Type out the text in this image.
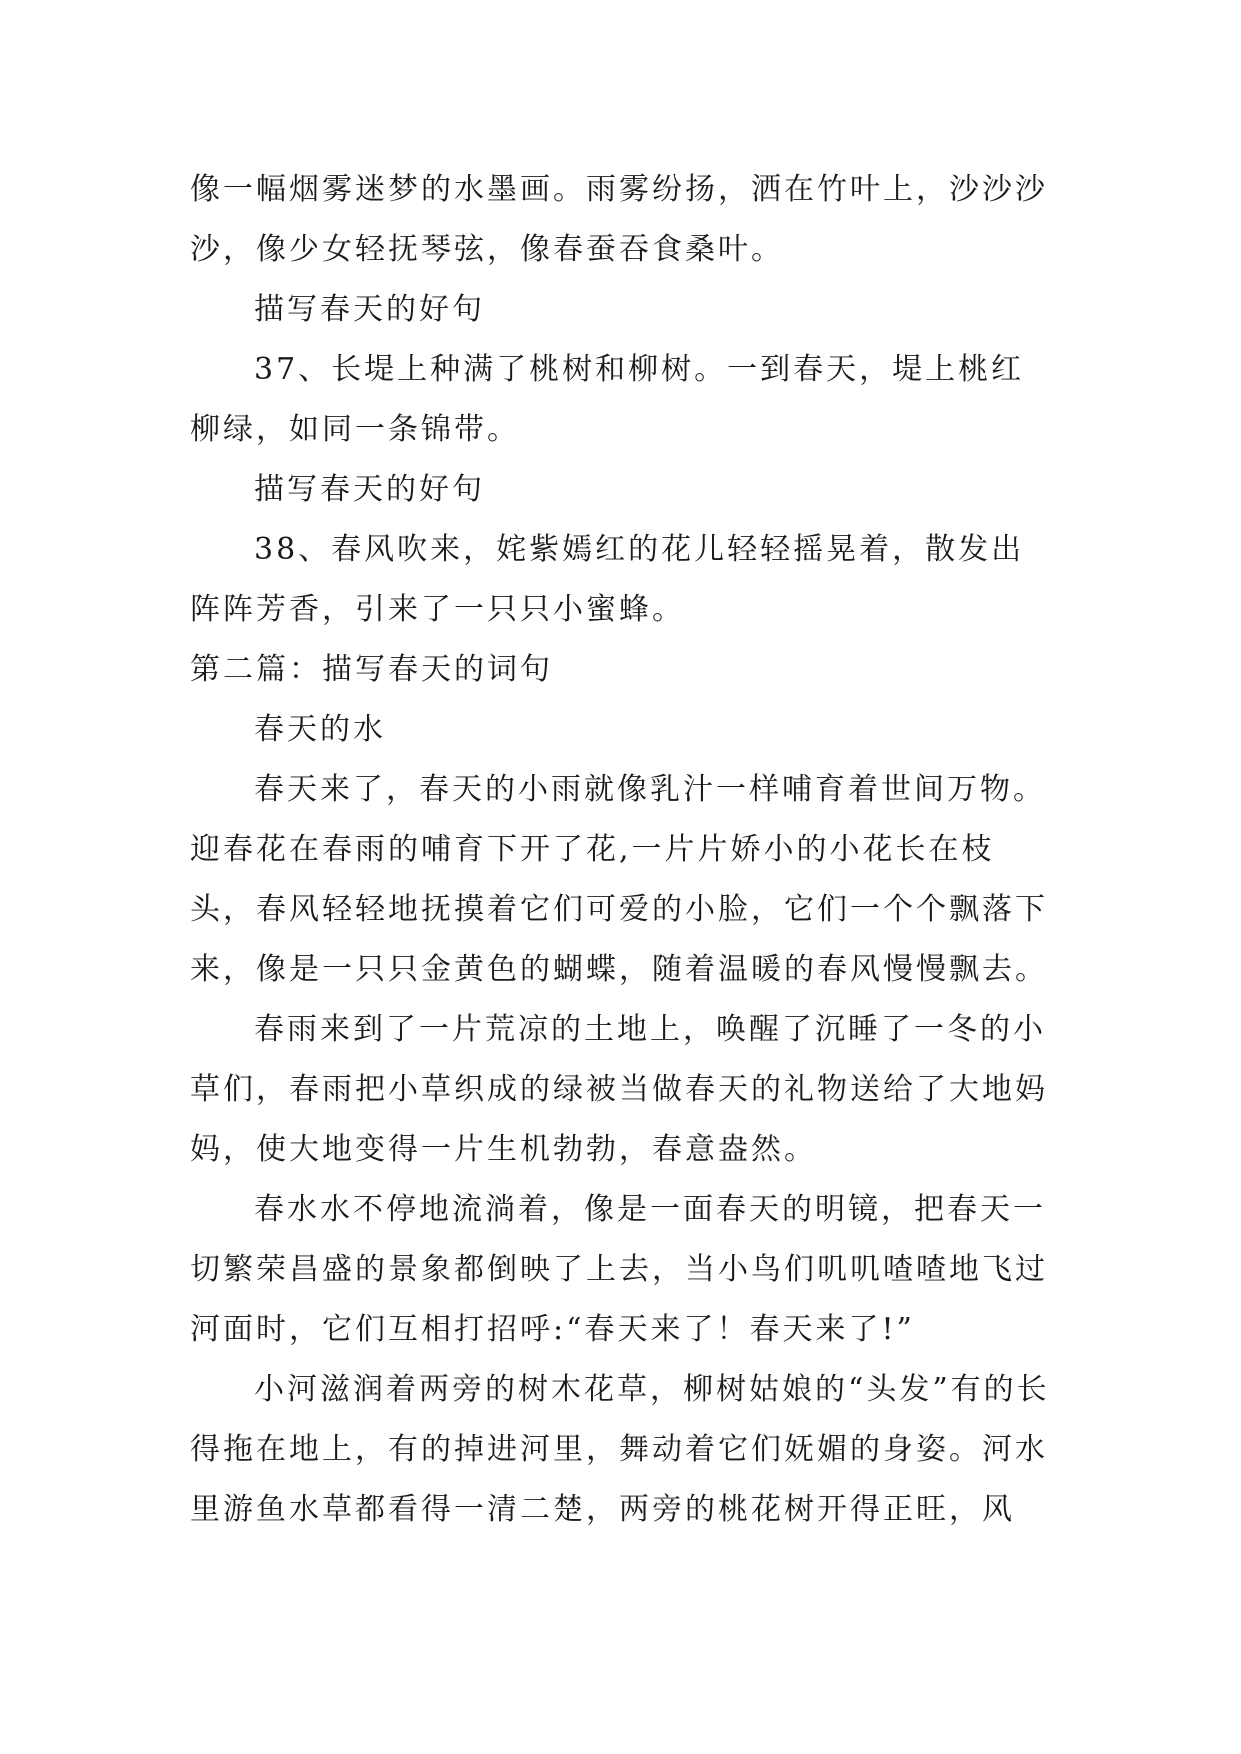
像一幅烟雾迷梦的水墨画。雨雾纷扬，洒在竹叶上，沙沙沙沙，像少女轻抚琴弦，像春蚕吞食桑叶。

描写春天的好句

37、长堤上种满了桃树和柳树。一到春天，堤上桃红柳绿，如同一条锦带。

描写春天的好句

38、春风吹来，姹紫嫣红的花儿轻轻摇晃着，散发出阵阵芳香，引来了一只只小蜜蜂。

第二篇：描写春天的词句

春天的水

春天来了，春天的小雨就像乳汁一样哺育着世间万物。迎春花在春雨的哺育下开了花,一片片娇小的小花长在枝头，春风轻轻地抚摸着它们可爱的小脸，它们一个个飘落下来，像是一只只金黄色的蝴蝶，随着温暖的春风慢慢飘去。

春雨来到了一片荒凉的土地上，唤醒了沉睡了一冬的小草们，春雨把小草织成的绿被当做春天的礼物送给了大地妈妈，使大地变得一片生机勃勃，春意盎然。

春水水不停地流淌着，像是一面春天的明镜，把春天一切繁荣昌盛的景象都倒映了上去，当小鸟们叽叽喳喳地飞过河面时，它们互相打招呼:“春天来了！春天来了!”

小河滋润着两旁的树木花草，柳树姑娘的“头发”有的长得拖在地上，有的掉进河里，舞动着它们妩媚的身姿。河水里游鱼水草都看得一清二楚，两旁的桃花树开得正旺，风
